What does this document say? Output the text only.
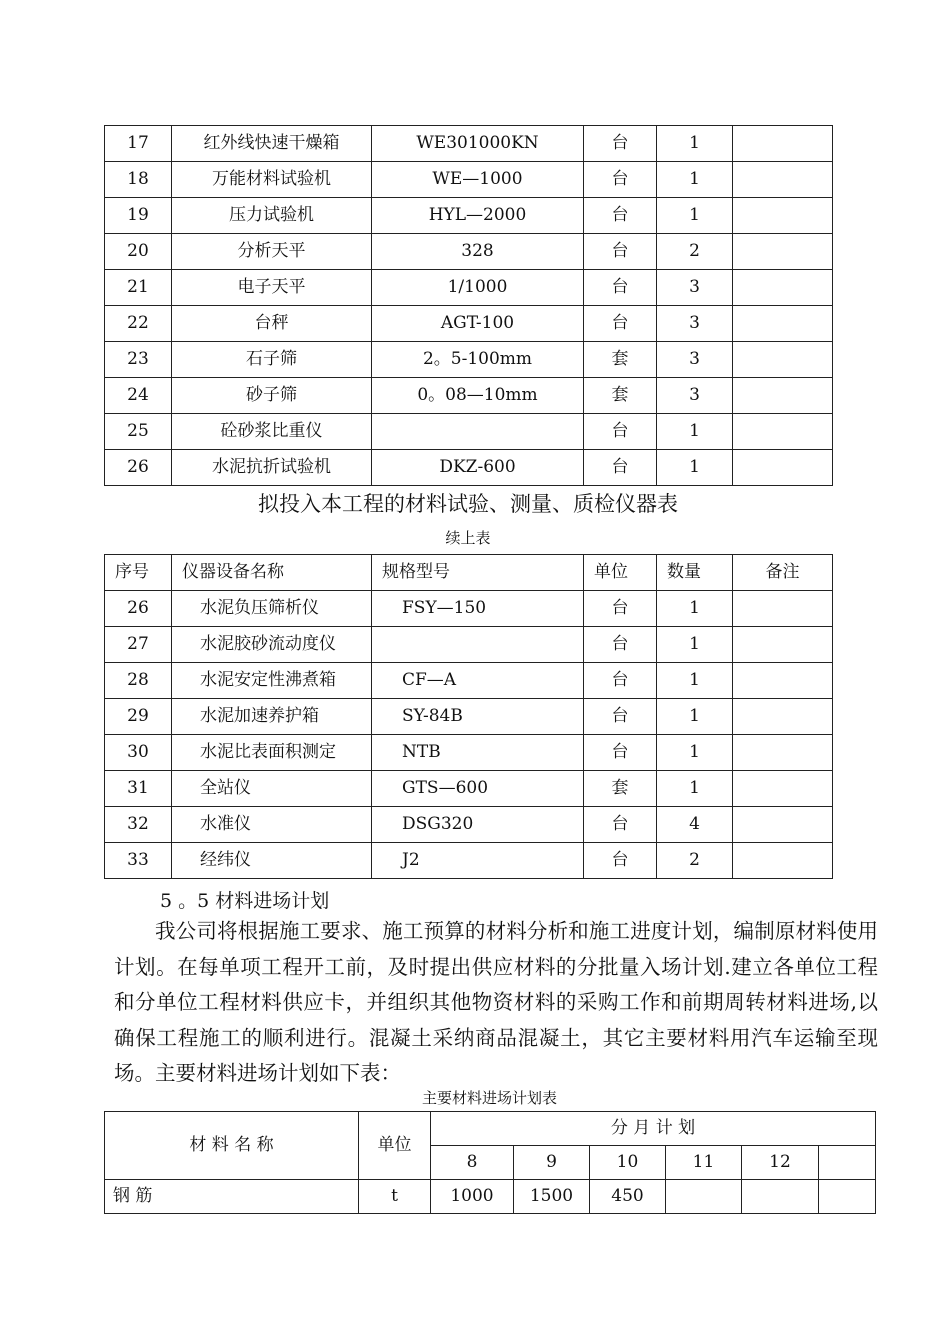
17	红外线快速干燥箱	WE301000KN	台	1	
18	万能材料试验机	WE—1000	台	1	
19	压力试验机	HYL—2000	台	1	
20	分析天平	328	台	2	
21	电子天平	1/1000	台	3	
22	台秤	AGT-100	台	3	
23	石子筛	2。5-100mm	套	3	
24	砂子筛	0。08—10mm	套	3	
25	砼砂浆比重仪		台	1	
26	水泥抗折试验机	DKZ-600	台	1	
拟投入本工程的材料试验、测量、质检仪器表
续上表
序号	仪器设备名称	规格型号	单位	数量	备注
26	水泥负压筛析仪	FSY—150	台	1	
27	水泥胶砂流动度仪		台	1	
28	水泥安定性沸煮箱	CF—A	台	1	
29	水泥加速养护箱	SY-84B	台	1	
30	水泥比表面积测定	NTB	台	1	
31	全站仪	GTS—600	套	1	
32	水准仪	DSG320	台	4	
33	经纬仪	J2	台	2	
5 。5 材料进场计划
我公司将根据施工要求、施工预算的材料分析和施工进度计划，编制原材料使用计划。在每单项工程开工前，及时提出供应材料的分批量入场计划.建立各单位工程和分单位工程材料供应卡，并组织其他物资材料的采购工作和前期周转材料进场,以确保工程施工的顺利进行。混凝土采纳商品混凝土，其它主要材料用汽车运输至现场。主要材料进场计划如下表：
主要材料进场计划表
材 料 名 称	单位	分 月 计 划					
		8	9	10	11	12	
钢 筋	t	1000	1500	450			
